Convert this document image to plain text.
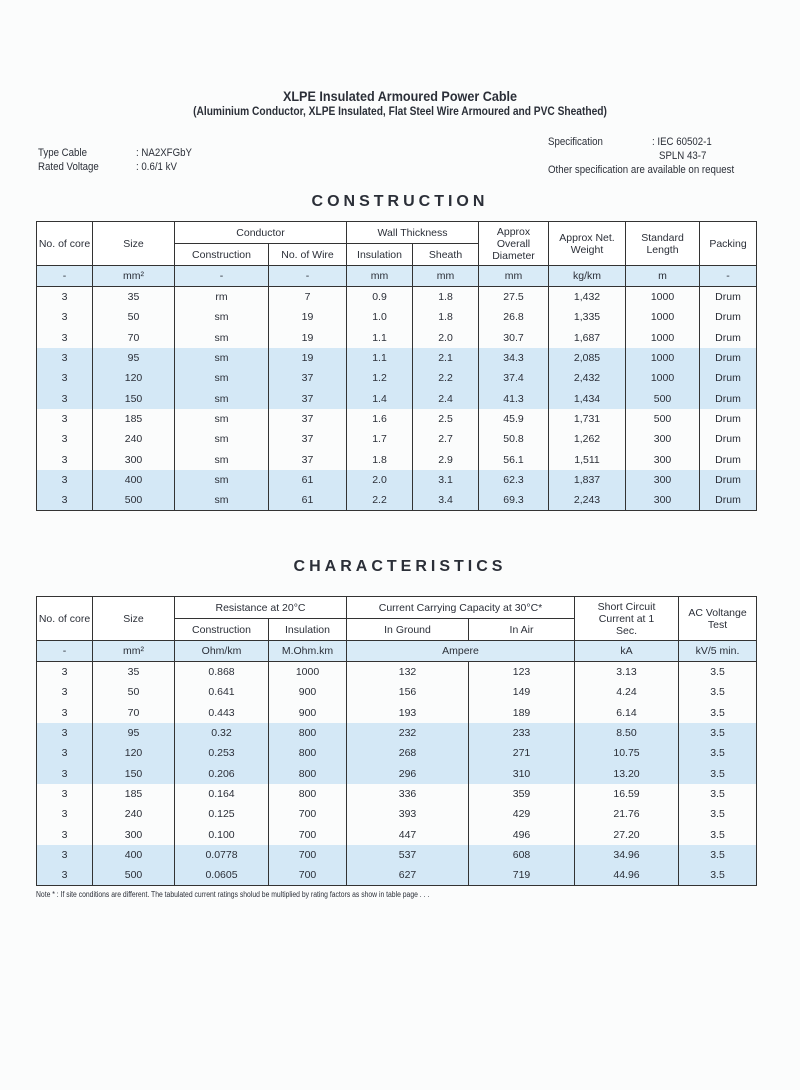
XLPE Insulated Armoured Power Cable
(Aluminium Conductor, XLPE Insulated, Flat Steel Wire Armoured and PVC Sheathed)
Type Cable	: NA2XFGbY
Rated Voltage	: 0.6/1 kV
Specification	: IEC 60502-1
SPLN 43-7
Other specification are available on request
CONSTRUCTION
No. of core	Size	Conductor		Wall Thickness		Approx Overall Diameter	Approx Net. Weight	Standard Length	Packing
		Construction	No. of Wire	Insulation	Sheath				
-	mm²	-	-	mm	mm	mm	kg/km	m	-
3	35	rm	7	0.9	1.8	27.5	1,432	1000	Drum
3	50	sm	19	1.0	1.8	26.8	1,335	1000	Drum
3	70	sm	19	1.1	2.0	30.7	1,687	1000	Drum
3	95	sm	19	1.1	2.1	34.3	2,085	1000	Drum
3	120	sm	37	1.2	2.2	37.4	2,432	1000	Drum
3	150	sm	37	1.4	2.4	41.3	1,434	500	Drum
3	185	sm	37	1.6	2.5	45.9	1,731	500	Drum
3	240	sm	37	1.7	2.7	50.8	1,262	300	Drum
3	300	sm	37	1.8	2.9	56.1	1,511	300	Drum
3	400	sm	61	2.0	3.1	62.3	1,837	300	Drum
3	500	sm	61	2.2	3.4	69.3	2,243	300	Drum
CHARACTERISTICS
No. of core	Size	Resistance at 20°C		Current Carrying Capacity at 30°C*		Short Circuit Current at 1 Sec.	AC Voltange Test
		Construction	Insulation	In Ground	In Air		
-	mm²	Ohm/km	M.Ohm.km	Ampere		kA	kV/5 min.
3	35	0.868	1000	132	123	3.13	3.5
3	50	0.641	900	156	149	4.24	3.5
3	70	0.443	900	193	189	6.14	3.5
3	95	0.32	800	232	233	8.50	3.5
3	120	0.253	800	268	271	10.75	3.5
3	150	0.206	800	296	310	13.20	3.5
3	185	0.164	800	336	359	16.59	3.5
3	240	0.125	700	393	429	21.76	3.5
3	300	0.100	700	447	496	27.20	3.5
3	400	0.0778	700	537	608	34.96	3.5
3	500	0.0605	700	627	719	44.96	3.5
Note * : If site conditions are different. The tabulated current ratings sholud be multiplied by rating factors as show in table page . . .
